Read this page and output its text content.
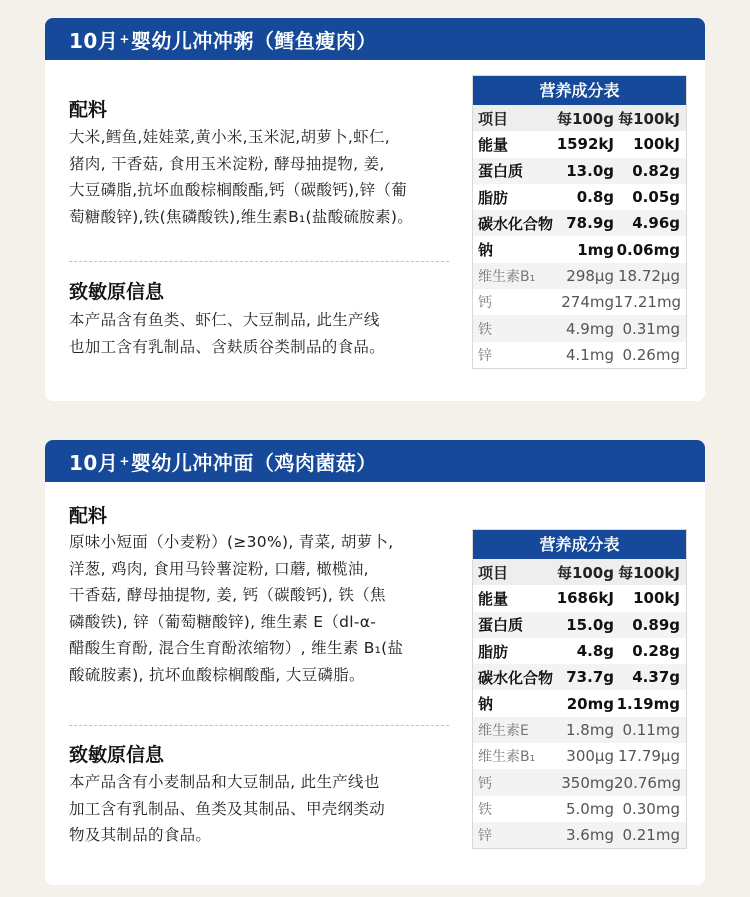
10月 + 婴幼儿冲冲粥（鳕鱼瘦肉）

配料

大米,鳕鱼,娃娃菜,黄小米,玉米泥,胡萝卜,虾仁,

猪肉, 干香菇, 食用玉米淀粉, 酵母抽提物, 姜,

大豆磷脂,抗坏血酸棕榈酸酯,钙（碳酸钙),锌（葡

萄糖酸锌),铁(焦磷酸铁),维生素B₁(盐酸硫胺素)。

致敏原信息

本产品含有鱼类、虾仁、大豆制品, 此生产线

也加工含有乳制品、含麸质谷类制品的食品。

营养成分表
项目	每100g 每100kJ
能量	1592kJ	100kJ
蛋白质	13.0g	0.82g
脂肪	0.8g	0.05g
碳水化合物 78.9g	4.96g
钠	1mg 0.06mg
维生素B₁	298μg 18.72μg
钙	274mg 17.21mg
铁	4.9mg 0.31mg
锌	4.1mg 0.26mg
10月 + 婴幼儿冲冲面（鸡肉菌菇）

配料

原味小短面（小麦粉）(≥30%), 青菜, 胡萝卜,

洋葱, 鸡肉, 食用马铃薯淀粉, 口蘑, 橄榄油,

干香菇, 酵母抽提物, 姜, 钙（碳酸钙), 铁（焦

磷酸铁), 锌（葡萄糖酸锌), 维生素 E（dl-α-

醋酸生育酚, 混合生育酚浓缩物）, 维生素 B₁(盐

酸硫胺素), 抗坏血酸棕榈酸酯, 大豆磷脂。

致敏原信息

本产品含有小麦制品和大豆制品, 此生产线也

加工含有乳制品、鱼类及其制品、甲壳纲类动

物及其制品的食品。

营养成分表
项目	每100g 每100kJ
能量	1686kJ	100kJ
蛋白质	15.0g	0.89g
脂肪	4.8g	0.28g
碳水化合物 73.7g	4.37g
钠	20mg 1.19mg
维生素E	1.8mg 0.11mg
维生素B₁	300μg 17.79μg
钙	350mg 20.76mg
铁	5.0mg 0.30mg
锌	3.6mg 0.21mg
